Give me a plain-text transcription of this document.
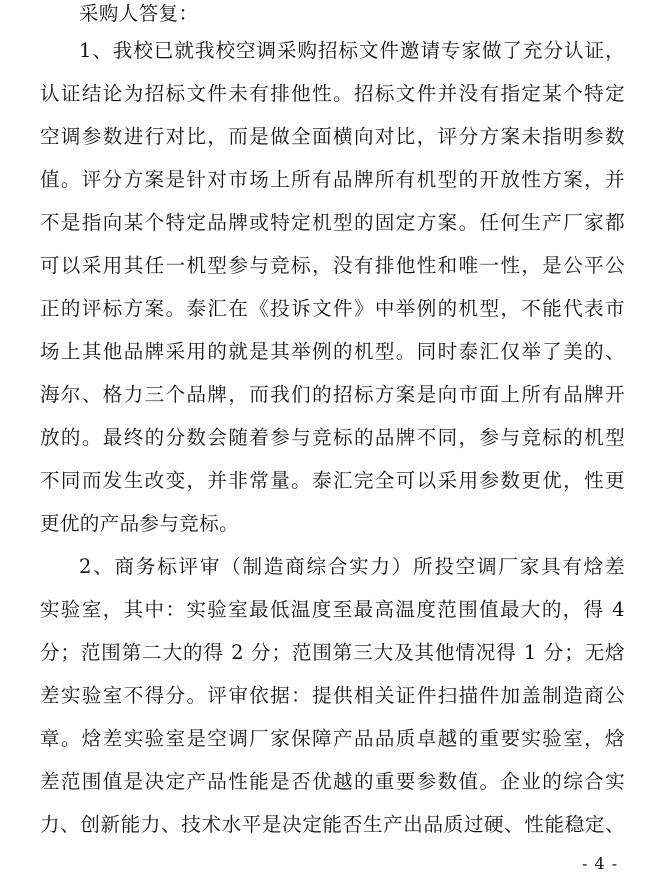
采购人答复：
1、我校已就我校空调采购招标文件邀请专家做了充分认证，
认证结论为招标文件未有排他性。招标文件并没有指定某个特定
空调参数进行对比，而是做全面横向对比，评分方案未指明参数
值。评分方案是针对市场上所有品牌所有机型的开放性方案，并
不是指向某个特定品牌或特定机型的固定方案。任何生产厂家都
可以采用其任一机型参与竞标，没有排他性和唯一性，是公平公
正的评标方案。泰汇在《投诉文件》中举例的机型，不能代表市
场上其他品牌采用的就是其举例的机型。同时泰汇仅举了美的、
海尔、格力三个品牌，而我们的招标方案是向市面上所有品牌开
放的。最终的分数会随着参与竞标的品牌不同，参与竞标的机型
不同而发生改变，并非常量。泰汇完全可以采用参数更优，性更
更优的产品参与竞标。
2、商务标评审（制造商综合实力）所投空调厂家具有焓差
实验室，其中：实验室最低温度至最高温度范围值最大的，得 4
分；范围第二大的得 2 分；范围第三大及其他情况得 1 分；无焓
差实验室不得分。评审依据：提供相关证件扫描件加盖制造商公
章。焓差实验室是空调厂家保障产品品质卓越的重要实验室，焓
差范围值是决定产品性能是否优越的重要参数值。企业的综合实
力、创新能力、技术水平是决定能否生产出品质过硬、性能稳定、
- 4 -
